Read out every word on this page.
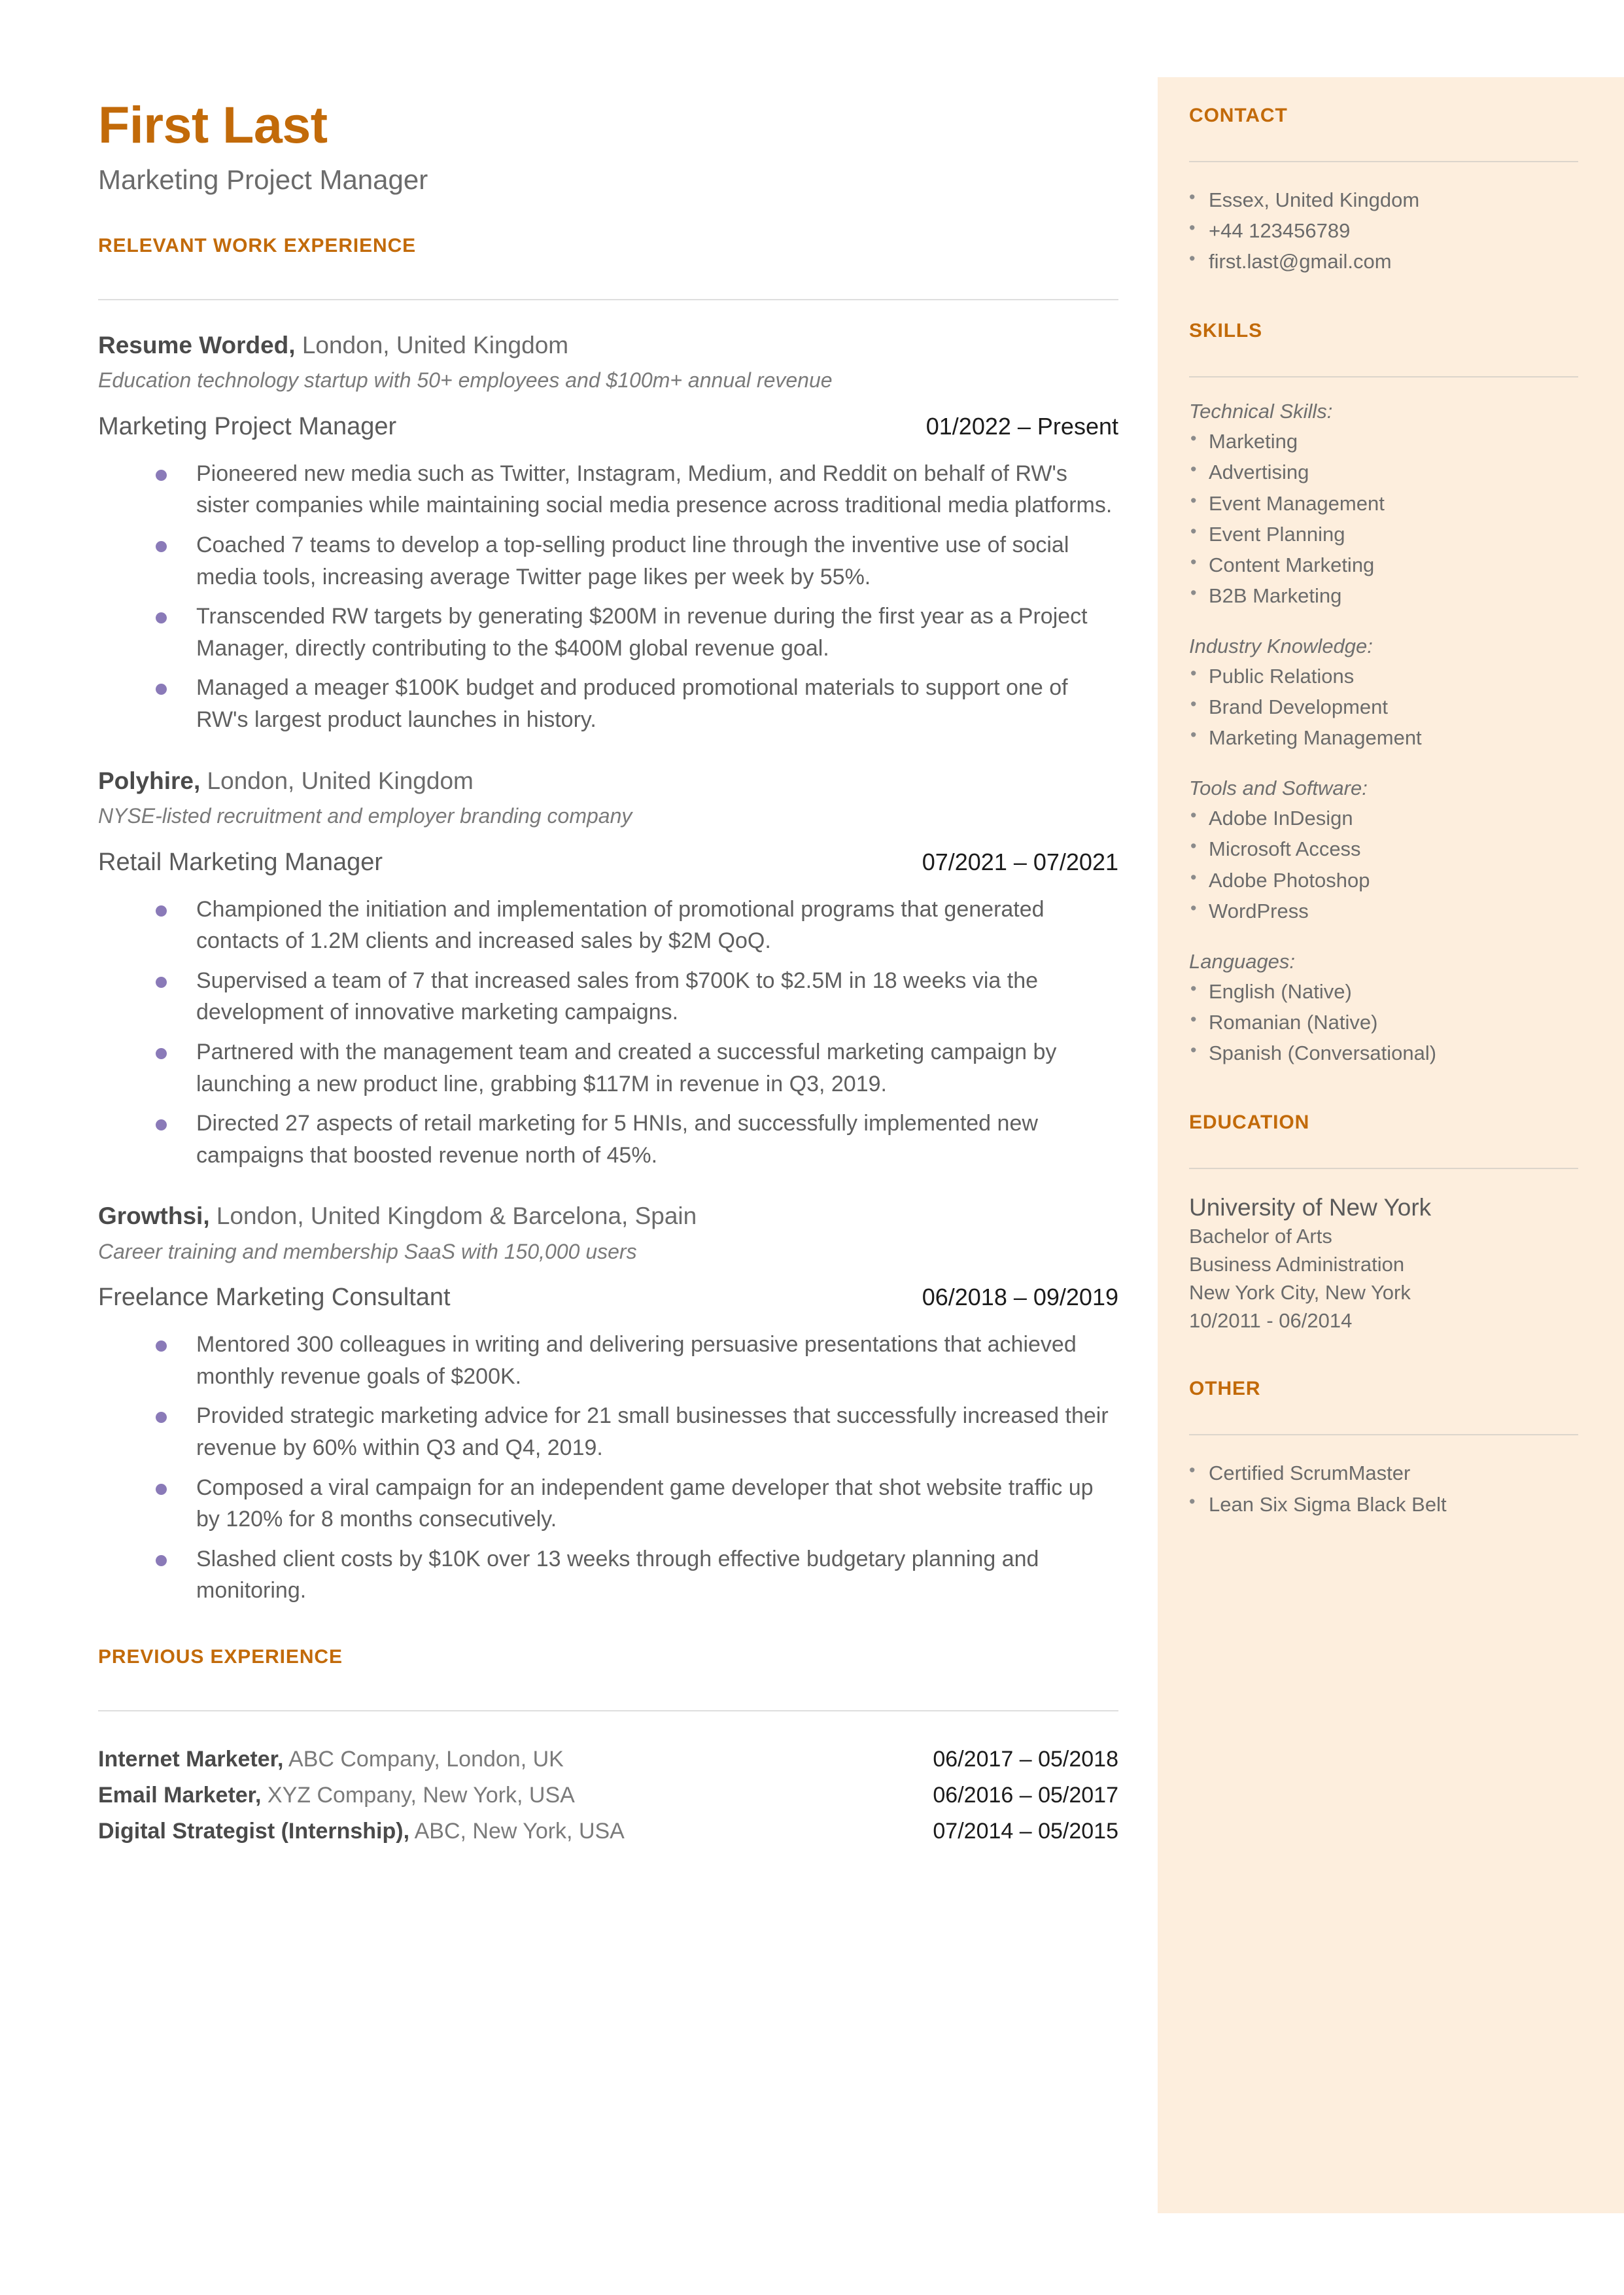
CONTACT
• Essex, United Kingdom
• +44 123456789
• first.last@gmail.com
SKILLS
Technical Skills:
• Marketing
• Advertising
• Event Management
• Event Planning
• Content Marketing
• B2B Marketing
Industry Knowledge:
• Public Relations
• Brand Development
• Marketing Management
Tools and Software:
• Adobe InDesign
• Microsoft Access
• Adobe Photoshop
• WordPress
Languages:
• English (Native)
• Romanian (Native)
• Spanish (Conversational)
EDUCATION
University of New York
Bachelor of Arts
Business Administration
New York City, New York
10/2011 - 06/2014
OTHER
• Certified ScrumMaster
• Lean Six Sigma Black Belt
First Last
Marketing Project Manager
RELEVANT WORK EXPERIENCE
Resume Worded, London, United Kingdom
Education technology startup with 50+ employees and $100m+ annual revenue
Marketing Project Manager	01/2022 – Present
Pioneered new media such as Twitter, Instagram, Medium, and Reddit on behalf of RW's sister companies while maintaining social media presence across traditional media platforms.
Coached 7 teams to develop a top-selling product line through the inventive use of social media tools, increasing average Twitter page likes per week by 55%.
Transcended RW targets by generating $200M in revenue during the first year as a Project Manager, directly contributing to the $400M global revenue goal.
Managed a meager $100K budget and produced promotional materials to support one of RW's largest product launches in history.
Polyhire, London, United Kingdom
NYSE-listed recruitment and employer branding company
Retail Marketing Manager	07/2021 – 07/2021
Championed the initiation and implementation of promotional programs that generated contacts of 1.2M clients and increased sales by $2M QoQ.
Supervised a team of 7 that increased sales from $700K to $2.5M in 18 weeks via the development of innovative marketing campaigns.
Partnered with the management team and created a successful marketing campaign by launching a new product line, grabbing $117M in revenue in Q3, 2019.
Directed 27 aspects of retail marketing for 5 HNIs, and successfully implemented new campaigns that boosted revenue north of 45%.
Growthsi, London, United Kingdom & Barcelona, Spain
Career training and membership SaaS with 150,000 users
Freelance Marketing Consultant	06/2018 – 09/2019
Mentored 300 colleagues in writing and delivering persuasive presentations that achieved monthly revenue goals of $200K.
Provided strategic marketing advice for 21 small businesses that successfully increased their revenue by 60% within Q3 and Q4, 2019.
Composed a viral campaign for an independent game developer that shot website traffic up by 120% for 8 months consecutively.
Slashed client costs by $10K over 13 weeks through effective budgetary planning and monitoring.
PREVIOUS EXPERIENCE
Internet Marketer, ABC Company, London, UK	06/2017 – 05/2018
Email Marketer, XYZ Company, New York, USA	06/2016 – 05/2017
Digital Strategist (Internship), ABC, New York, USA	07/2014 – 05/2015
